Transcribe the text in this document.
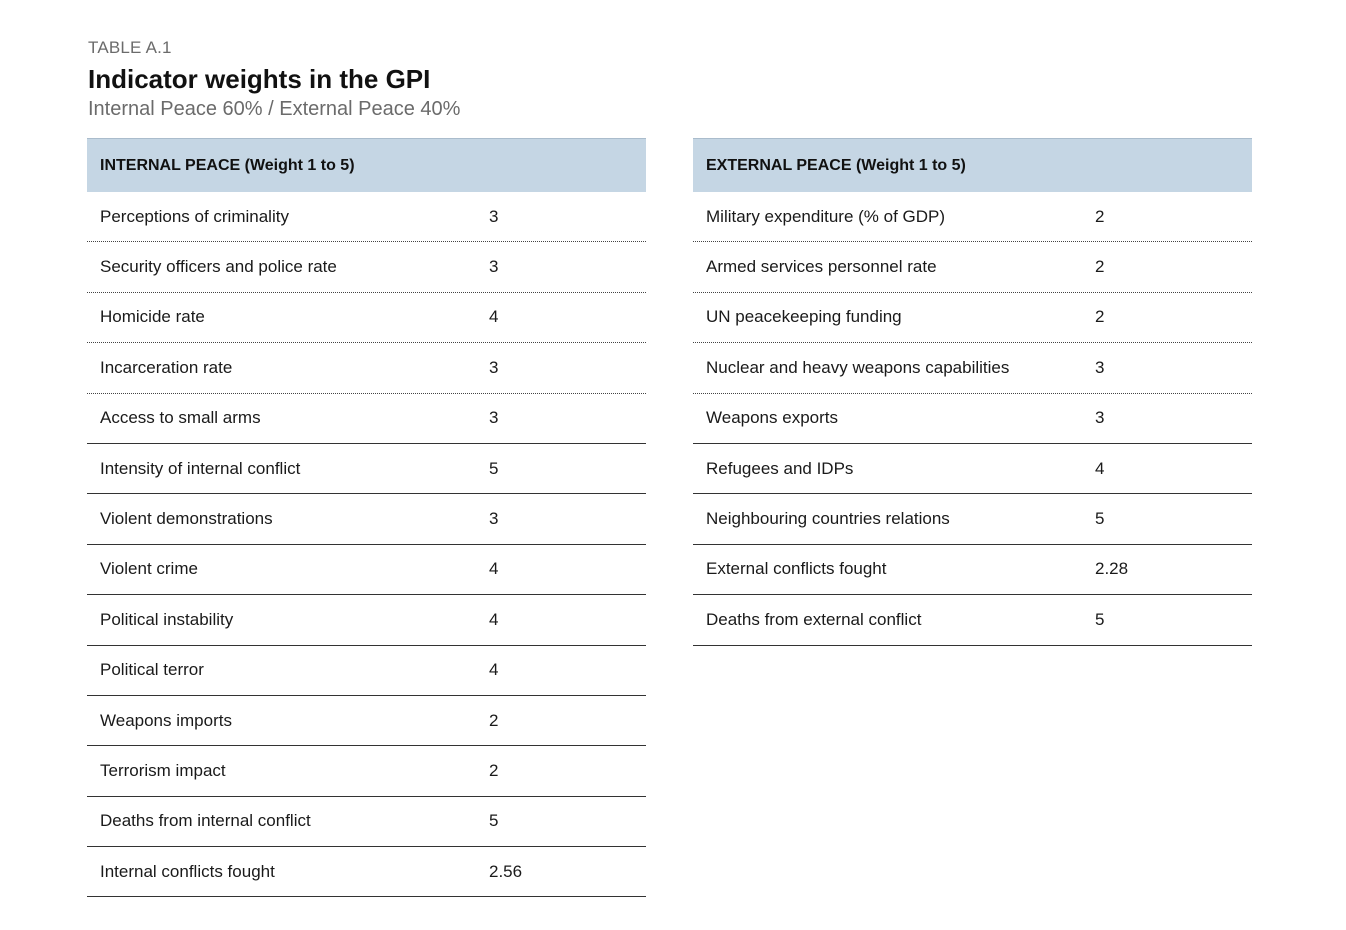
TABLE A.1
Indicator weights in the GPI
Internal Peace 60% / External Peace 40%
INTERNAL PEACE (Weight 1 to 5)
Perceptions of criminality	3
Security officers and police rate	3
Homicide rate	4
Incarceration rate	3
Access to small arms	3
Intensity of internal conflict	5
Violent demonstrations	3
Violent crime	4
Political instability	4
Political terror	4
Weapons imports	2
Terrorism impact	2
Deaths from internal conflict	5
Internal conflicts fought	2.56
EXTERNAL PEACE (Weight 1 to 5)
Military expenditure (% of GDP)	2
Armed services personnel rate	2
UN peacekeeping funding	2
Nuclear and heavy weapons capabilities	3
Weapons exports	3
Refugees and IDPs	4
Neighbouring countries relations	5
External conflicts fought	2.28
Deaths from external conflict	5
